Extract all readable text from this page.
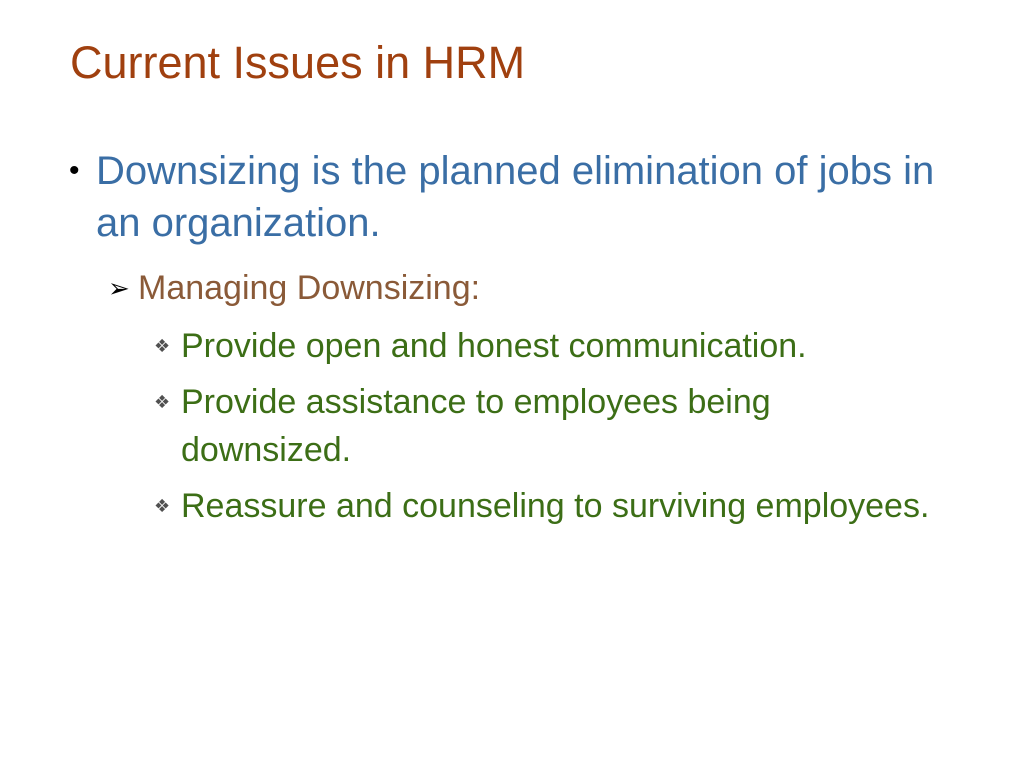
Current Issues in HRM
• Downsizing is the planned elimination of jobs in an organization.
➢ Managing Downsizing:
❖ Provide open and honest communication.
❖ Provide assistance to employees being downsized.
❖ Reassure and counseling to surviving employees.
